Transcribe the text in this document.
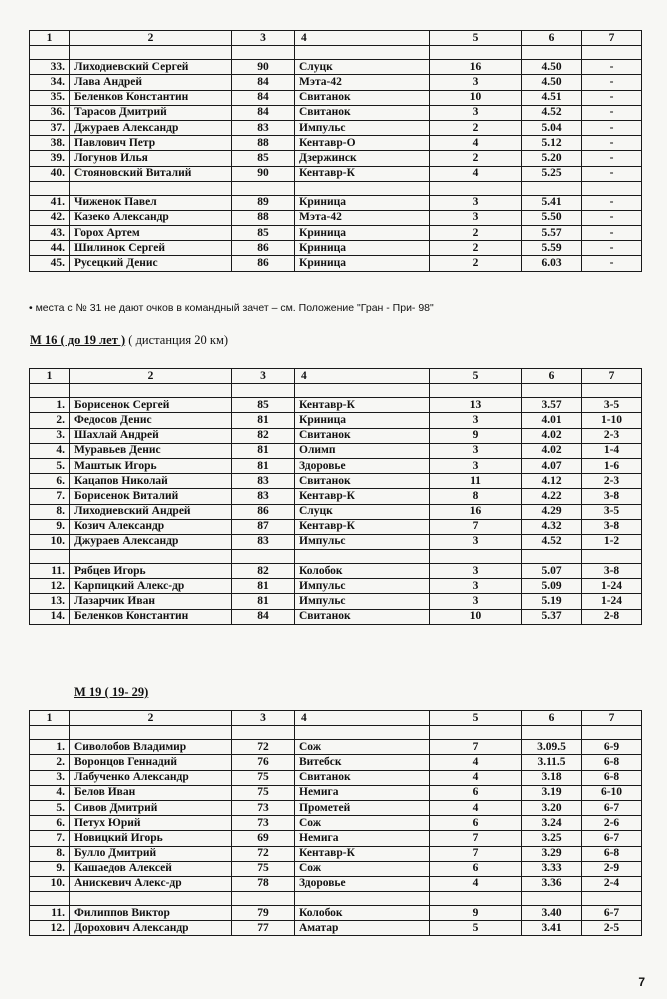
1	2	3	4	5	6	7

33.	Лиходиевский Сергей	90	Слуцк	16	4.50	-
34.	Лава Андрей	84	Мэта-42	3	4.50	-
35.	Беленков Константин	84	Свитанок	10	4.51	-
36.	Тарасов Дмитрий	84	Свитанок	3	4.52	-
37.	Джураев Александр	83	Импульс	2	5.04	-
38.	Павлович Петр	88	Кентавр-О	4	5.12	-
39.	Логунов Илья	85	Дзержинск	2	5.20	-
40.	Стояновский Виталий	90	Кентавр-К	4	5.25	-

41.	Чиженок Павел	89	Криница	3	5.41	-
42.	Казеко Александр	88	Мэта-42	3	5.50	-
43.	Горох Артем	85	Криница	2	5.57	-
44.	Шилинок Сергей	86	Криница	2	5.59	-
45.	Русецкий Денис	86	Криница	2	6.03	-
• места с № 31 не дают очков в командный зачет – см. Положение "Гран - При- 98"
М 16 ( до 19 лет ) ( дистанция 20 км)
1	2	3	4	5	6	7

1.	Борисенок Сергей	85	Кентавр-К	13	3.57	3-5
2.	Федосов Денис	81	Криница	3	4.01	1-10
3.	Шахлай Андрей	82	Свитанок	9	4.02	2-3
4.	Муравьев Денис	81	Олимп	3	4.02	1-4
5.	Маштык Игорь	81	Здоровье	3	4.07	1-6
6.	Кацапов Николай	83	Свитанок	11	4.12	2-3
7.	Борисенок Виталий	83	Кентавр-К	8	4.22	3-8
8.	Лиходиевский Андрей	86	Слуцк	16	4.29	3-5
9.	Козич Александр	87	Кентавр-К	7	4.32	3-8
10.	Джураев Александр	83	Импульс	3	4.52	1-2

11.	Рябцев Игорь	82	Колобок	3	5.07	3-8
12.	Карпицкий Алекс-др	81	Импульс	3	5.09	1-24
13.	Лазарчик Иван	81	Импульс	3	5.19	1-24
14.	Беленков Константин	84	Свитанок	10	5.37	2-8
М 19 ( 19- 29)
1	2	3	4	5	6	7

1.	Сиволобов Владимир	72	Сож	7	3.09.5	6-9
2.	Воронцов Геннадий	76	Витебск	4	3.11.5	6-8
3.	Лабученко Александр	75	Свитанок	4	3.18	6-8
4.	Белов Иван	75	Немига	6	3.19	6-10
5.	Сивов Дмитрий	73	Прометей	4	3.20	6-7
6.	Петух Юрий	73	Сож	6	3.24	2-6
7.	Новицкий Игорь	69	Немига	7	3.25	6-7
8.	Булло Дмитрий	72	Кентавр-К	7	3.29	6-8
9.	Кашаедов Алексей	75	Сож	6	3.33	2-9
10.	Анискевич Алекс-др	78	Здоровье	4	3.36	2-4

11.	Филиппов Виктор	79	Колобок	9	3.40	6-7
12.	Дорохович Александр	77	Аматар	5	3.41	2-5
7
